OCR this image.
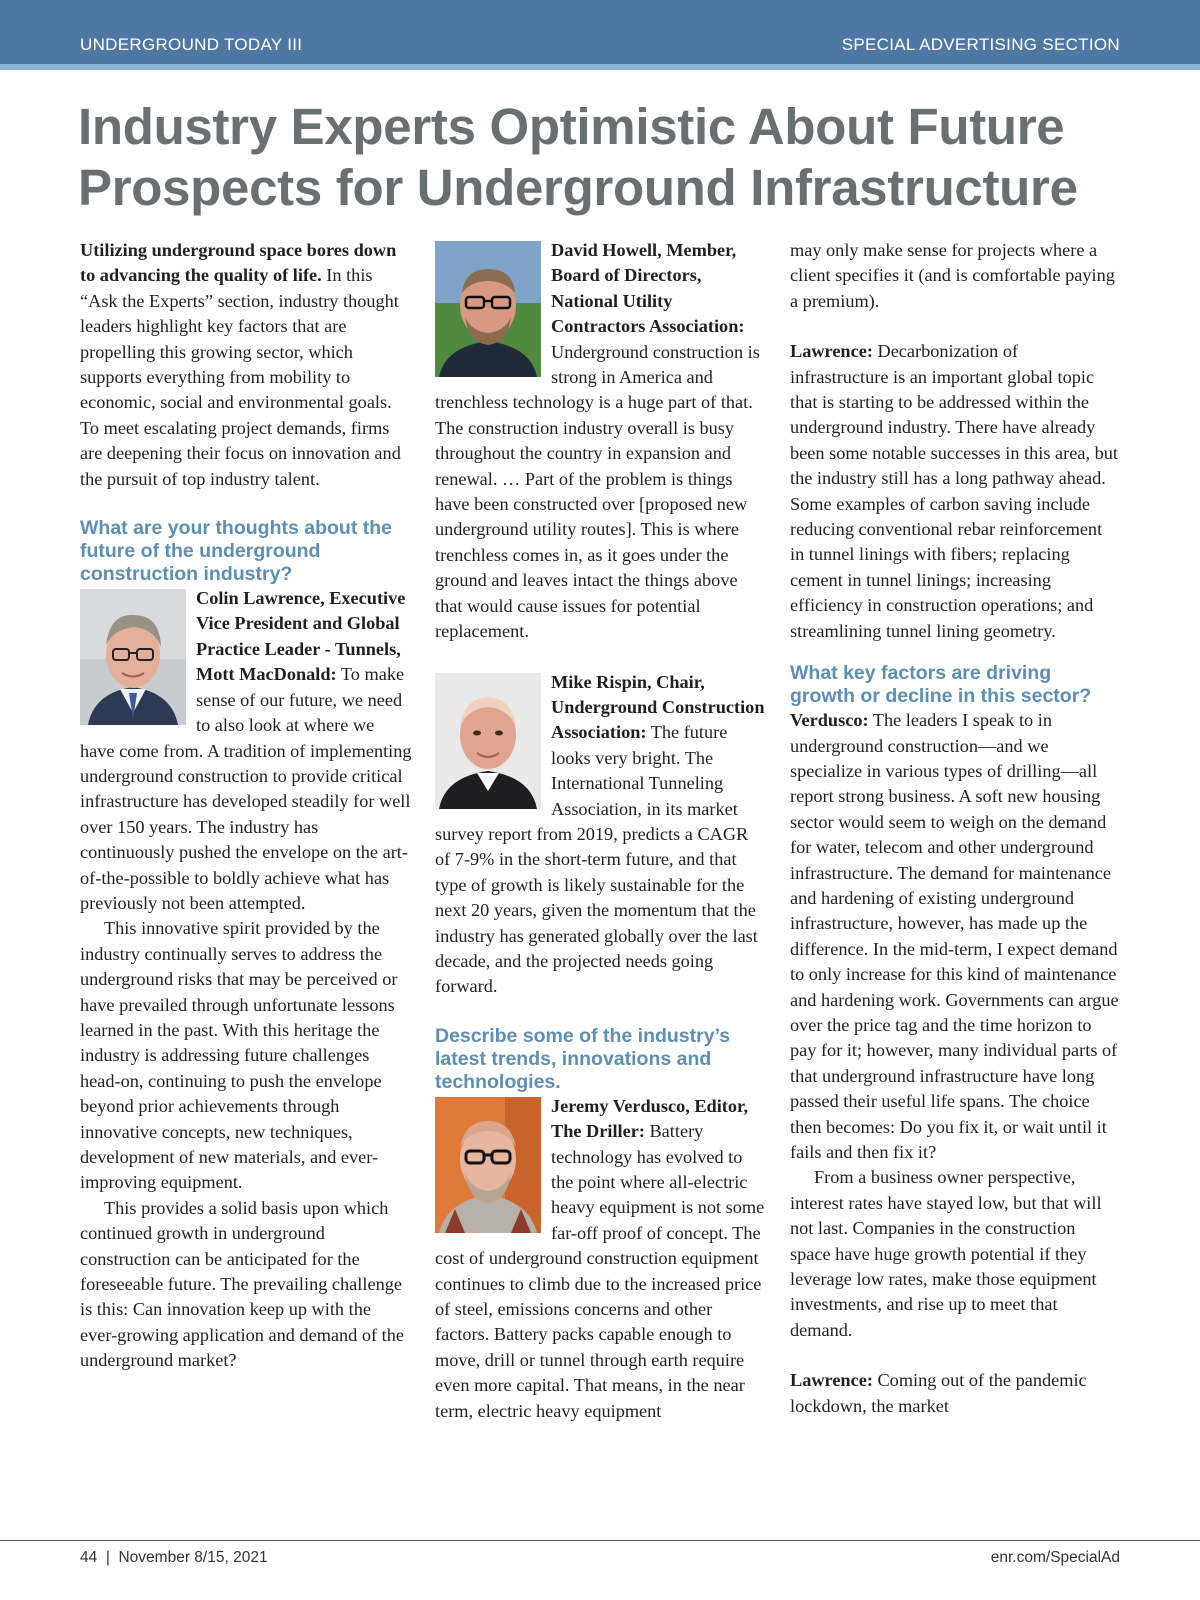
UNDERGROUND TODAY III	SPECIAL ADVERTISING SECTION
Industry Experts Optimistic About Future Prospects for Underground Infrastructure

Utilizing underground space bores down to advancing the quality of life. In this “Ask the Experts” section, industry thought leaders highlight key factors that are propelling this growing sector, which supports everything from mobility to economic, social and environmental goals. To meet escalating project demands, firms are deepening their focus on innovation and the pursuit of top industry talent.

What are your thoughts about the future of the underground construction industry?

Colin Lawrence, Executive Vice President and Global Practice Leader - Tunnels, Mott MacDonald: To make sense of our future, we need to also look at where we have come from. A tradition of implementing underground construction to provide critical infrastructure has developed steadily for well over 150 years. The industry has continuously pushed the envelope on the art-of-the-possible to boldly achieve what has previously not been attempted.

This innovative spirit provided by the industry continually serves to address the underground risks that may be perceived or have prevailed through unfortunate lessons learned in the past. With this heritage the industry is addressing future challenges head-on, continuing to push the envelope beyond prior achievements through innovative concepts, new techniques, development of new materials, and ever-improving equipment.

This provides a solid basis upon which continued growth in underground construction can be anticipated for the foreseeable future. The prevailing challenge is this: Can innovation keep up with the ever-growing application and demand of the underground market?

David Howell, Member, Board of Directors, National Utility Contractors Association: Underground construction is strong in America and trenchless technology is a huge part of that. The construction industry overall is busy throughout the country in expansion and renewal. … Part of the problem is things have been constructed over [proposed new underground utility routes]. This is where trenchless comes in, as it goes under the ground and leaves intact the things above that would cause issues for potential replacement.

Mike Rispin, Chair, Underground Construction Association: The future looks very bright. The International Tunneling Association, in its market survey report from 2019, predicts a CAGR of 7-9% in the short-term future, and that type of growth is likely sustainable for the next 20 years, given the momentum that the industry has generated globally over the last decade, and the projected needs going forward.

Describe some of the industry’s latest trends, innovations and technologies.

Jeremy Verdusco, Editor, The Driller: Battery technology has evolved to the point where all-electric heavy equipment is not some far-off proof of concept. The cost of underground construction equipment continues to climb due to the increased price of steel, emissions concerns and other factors. Battery packs capable enough to move, drill or tunnel through earth require even more capital. That means, in the near term, electric heavy equipment

may only make sense for projects where a client specifies it (and is comfortable paying a premium).

Lawrence: Decarbonization of infrastructure is an important global topic that is starting to be addressed within the underground industry. There have already been some notable successes in this area, but the industry still has a long pathway ahead. Some examples of carbon saving include reducing conventional rebar reinforcement in tunnel linings with fibers; replacing cement in tunnel linings; increasing efficiency in construction operations; and streamlining tunnel lining geometry.

What key factors are driving growth or decline in this sector?

Verdusco: The leaders I speak to in underground construction—and we specialize in various types of drilling—all report strong business. A soft new housing sector would seem to weigh on the demand for water, telecom and other underground infrastructure. The demand for maintenance and hardening of existing underground infrastructure, however, has made up the difference. In the mid-term, I expect demand to only increase for this kind of maintenance and hardening work. Governments can argue over the price tag and the time horizon to pay for it; however, many individual parts of that underground infrastructure have long passed their useful life spans. The choice then becomes: Do you fix it, or wait until it fails and then fix it?

From a business owner perspective, interest rates have stayed low, but that will not last. Companies in the construction space have huge growth potential if they leverage low rates, make those equipment investments, and rise up to meet that demand.

Lawrence: Coming out of the pandemic lockdown, the market

44  |  November 8/15, 2021	enr.com/SpecialAd
